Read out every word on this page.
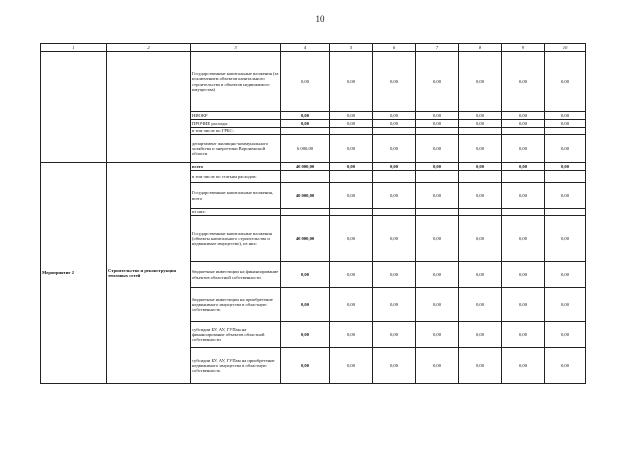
10
1	2	3	4	5	6	7	8	9	10
		Государственные капитальные вложения (за исключением объектов капитального строительства и объектов недвижимого имущества)	0,00	0,00	0,00	0,00	0,00	0,00	0,00
		НИОКР	0,00	0,00	0,00	0,00	0,00	0,00	0,00
		ПРОЧИЕ расходы	0,00	0,00	0,00	0,00	0,00	0,00	0,00
		в том числе по ГРБС:							
		департамент жилищно-коммунального хозяйства и энергетики Воронежской области	6 000,00	0,00	0,00	0,00	0,00	0,00	0,00
Мероприятие 2	Строительство и реконструкция тепловых сетей	всего	40 000,00	0,00	0,00	0,00	0,00	0,00	0,00
		в том числе по статьям расходов:							
		Государственные капитальные вложения, всего	40 000,00	0,00	0,00	0,00	0,00	0,00	0,00
		из них:							
		Государственные капитальные вложения (объекты капитального строительства и недвижимое имущество), из них:	40 000,00	0,00	0,00	0,00	0,00	0,00	0,00
		бюджетные инвестиции на финансирование объектов областной собственности	0,00	0,00	0,00	0,00	0,00	0,00	0,00
		бюджетные инвестиции на приобретение недвижимого имущества в областную собственность	0,00	0,00	0,00	0,00	0,00	0,00	0,00
		субсидии БУ, АУ, ГУПам на финансирование объектов областной собственности	0,00	0,00	0,00	0,00	0,00	0,00	0,00
		субсидии БУ, АУ, ГУПам на приобретение недвижимого имущества в областную собственность	0,00	0,00	0,00	0,00	0,00	0,00	0,00
